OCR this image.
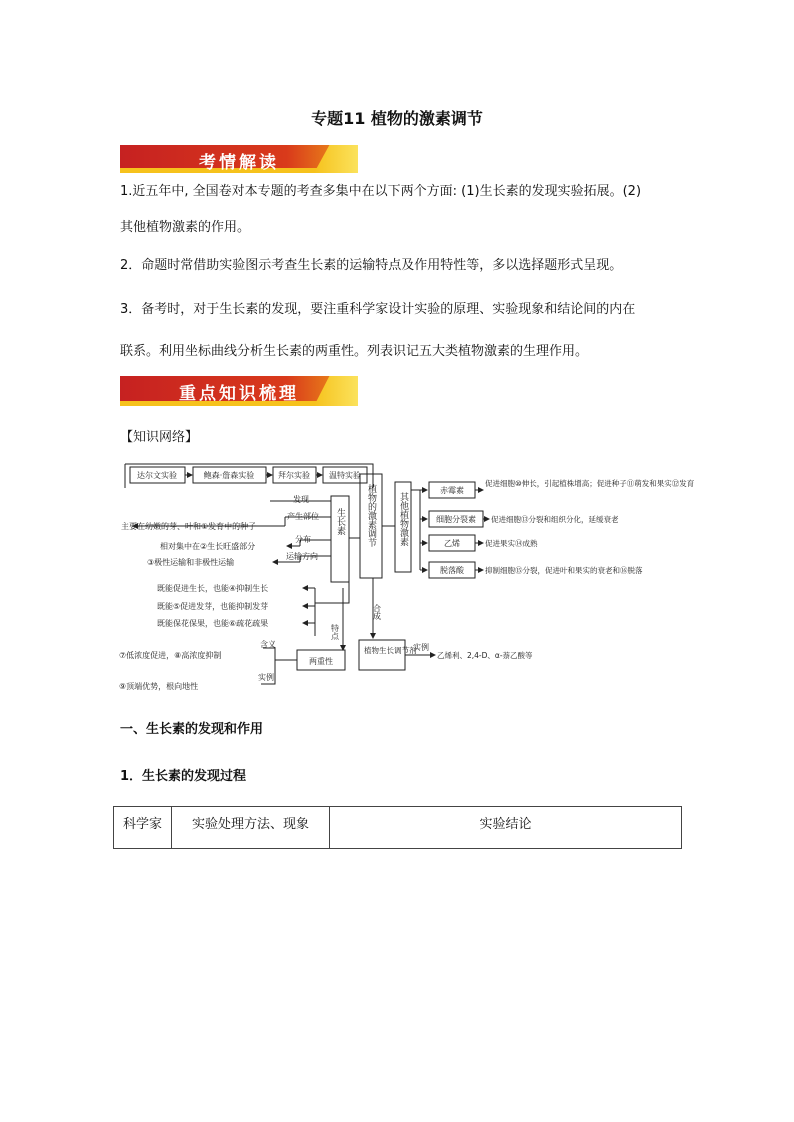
专题11 植物的激素调节
考情解读
1.近五年中, 全国卷对本专题的考查多集中在以下两个方面: (1)生长素的发现实验拓展。(2)
其他植物激素的作用。
2．命题时常借助实验图示考查生长素的运输特点及作用特性等，多以选择题形式呈现。
3．备考时，对于生长素的发现，要注重科学家设计实验的原理、实验现象和结论间的内在
联系。利用坐标曲线分析生长素的两重性。列表识记五大类植物激素的生理作用。
重点知识梳理
【知识网络】
达尔文实验	鲍森·詹森实验	拜尔实验 温特实验
发现
产生部位
分布
运输方向
主要在幼嫩的芽、叶和①发育中的种子
相对集中在②生长旺盛部分
③极性运输和非极性运输
既能促进生长，也能④抑制生长
既能⑤促进发芽，也能抑制发芽
既能保花保果，也能⑥疏花疏果
生长素 植物的激素调节 其他植物激素
赤霉素
细胞分裂素
乙烯
脱落酸
促进细胞⑩伸长，引起植株增高；促进种子⑪萌发和果实⑫发育
促进细胞⑬分裂和组织分化，延缓衰老
促进果实⑭成熟
抑制细胞⑮分裂，促进叶和果实的衰老和⑯脱落
特点
两重性
含义
实例
⑦低浓度促进，⑧高浓度抑制
⑨顶端优势，根向地性
合成
植物生长调节剂
实例
乙烯利、2,4-D、α-萘乙酸等
一、生长素的发现和作用
1．生长素的发现过程
科学家	实验处理方法、现象	实验结论
